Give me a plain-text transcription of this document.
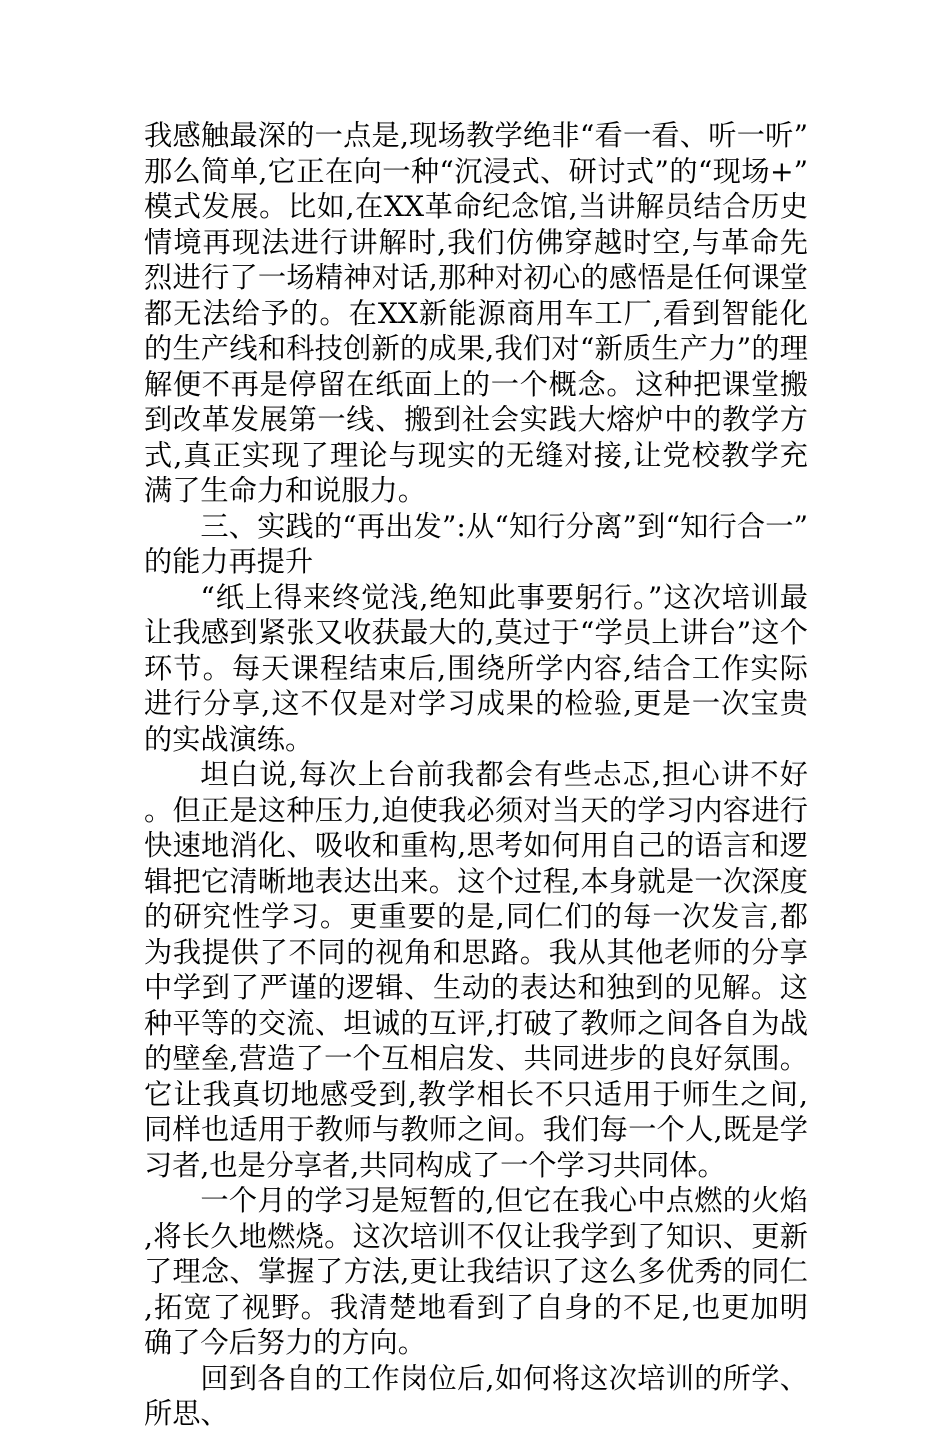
我感触最深的一点是,现场教学绝非“看一看、听一听”那么简单,它正在向一种“沉浸式、研讨式”的“现场+”模式发展。比如,在XX革命纪念馆,当讲解员结合历史情境再现法进行讲解时,我们仿佛穿越时空,与革命先烈进行了一场精神对话,那种对初心的感悟是任何课堂都无法给予的。在XX新能源商用车工厂,看到智能化的生产线和科技创新的成果,我们对“新质生产力”的理解便不再是停留在纸面上的一个概念。这种把课堂搬到改革发展第一线、搬到社会实践大熔炉中的教学方式,真正实现了理论与现实的无缝对接,让党校教学充满了生命力和说服力。

三、实践的“再出发”:从“知行分离”到“知行合一”的能力再提升

“纸上得来终觉浅,绝知此事要躬行。”这次培训最让我感到紧张又收获最大的,莫过于“学员上讲台”这个环节。每天课程结束后,围绕所学内容,结合工作实际进行分享,这不仅是对学习成果的检验,更是一次宝贵的实战演练。

坦白说,每次上台前我都会有些忐忑,担心讲不好。但正是这种压力,迫使我必须对当天的学习内容进行快速地消化、吸收和重构,思考如何用自己的语言和逻辑把它清晰地表达出来。这个过程,本身就是一次深度的研究性学习。更重要的是,同仁们的每一次发言,都为我提供了不同的视角和思路。我从其他老师的分享中学到了严谨的逻辑、生动的表达和独到的见解。这种平等的交流、坦诚的互评,打破了教师之间各自为战的壁垒,营造了一个互相启发、共同进步的良好氛围。它让我真切地感受到,教学相长不只适用于师生之间,同样也适用于教师与教师之间。我们每一个人,既是学习者,也是分享者,共同构成了一个学习共同体。

一个月的学习是短暂的,但它在我心中点燃的火焰,将长久地燃烧。这次培训不仅让我学到了知识、更新了理念、掌握了方法,更让我结识了这么多优秀的同仁,拓宽了视野。我清楚地看到了自身的不足,也更加明确了今后努力的方向。

回到各自的工作岗位后,如何将这次培训的所学、所思、
